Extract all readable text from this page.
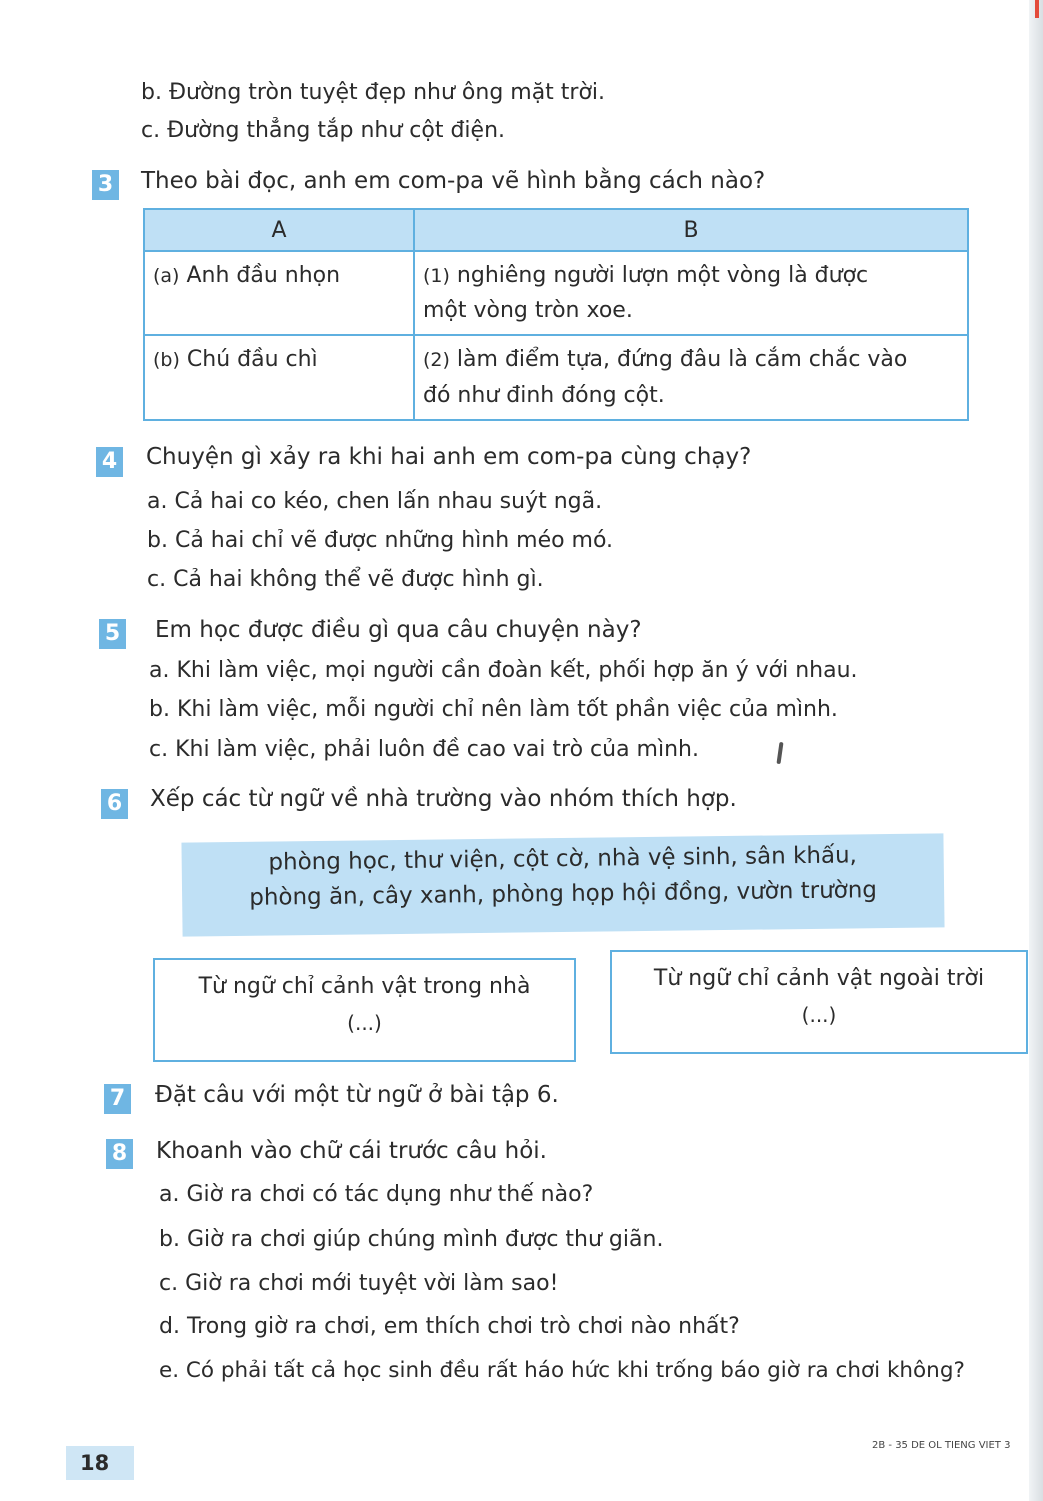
b. Đường tròn tuyệt đẹp như ông mặt trời.
c. Đường thẳng tắp như cột điện.
3 Theo bài đọc, anh em com-pa vẽ hình bằng cách nào?
A	B
(a) Anh đầu nhọn	(1) nghiêng người lượn một vòng là được
một vòng tròn xoe.
(b) Chú đầu chì	(2) làm điểm tựa, đứng đâu là cắm chắc vào
đó như đinh đóng cột.
4 Chuyện gì xảy ra khi hai anh em com-pa cùng chạy?
a. Cả hai co kéo, chen lấn nhau suýt ngã.
b. Cả hai chỉ vẽ được những hình méo mó.
c. Cả hai không thể vẽ được hình gì.
5 Em học được điều gì qua câu chuyện này?
a. Khi làm việc, mọi người cần đoàn kết, phối hợp ăn ý với nhau.
b. Khi làm việc, mỗi người chỉ nên làm tốt phần việc của mình.
c. Khi làm việc, phải luôn đề cao vai trò của mình.
6 Xếp các từ ngữ về nhà trường vào nhóm thích hợp.
phòng học, thư viện, cột cờ, nhà vệ sinh, sân khấu,
phòng ăn, cây xanh, phòng họp hội đồng, vườn trường
Từ ngữ chỉ cảnh vật trong nhà
(...)
Từ ngữ chỉ cảnh vật ngoài trời
(...)
7 Đặt câu với một từ ngữ ở bài tập 6.
8 Khoanh vào chữ cái trước câu hỏi.
a. Giờ ra chơi có tác dụng như thế nào?
b. Giờ ra chơi giúp chúng mình được thư giãn.
c. Giờ ra chơi mới tuyệt vời làm sao!
d. Trong giờ ra chơi, em thích chơi trò chơi nào nhất?
e. Có phải tất cả học sinh đều rất háo hức khi trống báo giờ ra chơi không?
18
2B - 35 DE OL TIENG VIET 3
